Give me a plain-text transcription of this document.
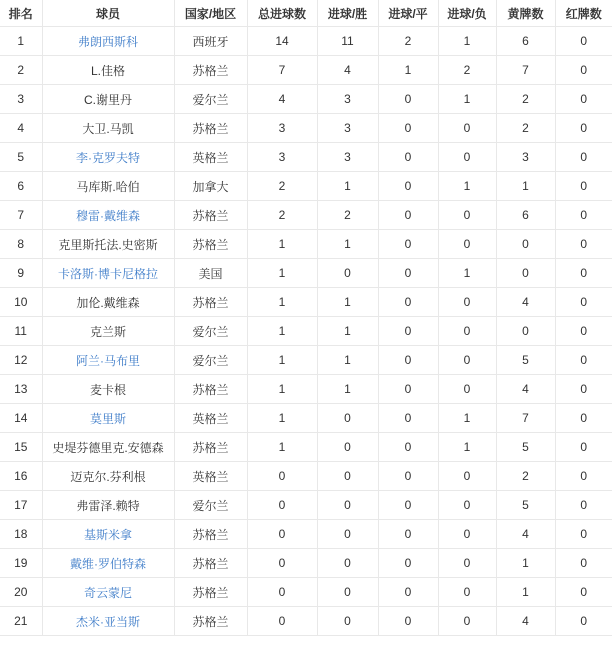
排名	球员	国家/地区	总进球数	进球/胜	进球/平	进球/负	黄牌数	红牌数
1	弗朗西斯科	西班牙	14	11	2	1	6	0
2	L.佳格	苏格兰	7	4	1	2	7	0
3	C.谢里丹	爱尔兰	4	3	0	1	2	0
4	大卫.马凯	苏格兰	3	3	0	0	2	0
5	李·克罗夫特	英格兰	3	3	0	0	3	0
6	马库斯.哈伯	加拿大	2	1	0	1	1	0
7	穆雷·戴维森	苏格兰	2	2	0	0	6	0
8	克里斯托法.史密斯	苏格兰	1	1	0	0	0	0
9	卡洛斯·博卡尼格拉	美国	1	0	0	1	0	0
10	加伦.戴维森	苏格兰	1	1	0	0	4	0
11	克兰斯	爱尔兰	1	1	0	0	0	0
12	阿兰·马布里	爱尔兰	1	1	0	0	5	0
13	麦卡根	苏格兰	1	1	0	0	4	0
14	莫里斯	英格兰	1	0	0	1	7	0
15	史堤芬德里克.安德森	苏格兰	1	0	0	1	5	0
16	迈克尔.芬利根	英格兰	0	0	0	0	2	0
17	弗雷泽.赖特	爱尔兰	0	0	0	0	5	0
18	基斯米拿	苏格兰	0	0	0	0	4	0
19	戴维·罗伯特森	苏格兰	0	0	0	0	1	0
20	奇云蒙尼	苏格兰	0	0	0	0	1	0
21	杰米·亚当斯	苏格兰	0	0	0	0	4	0
